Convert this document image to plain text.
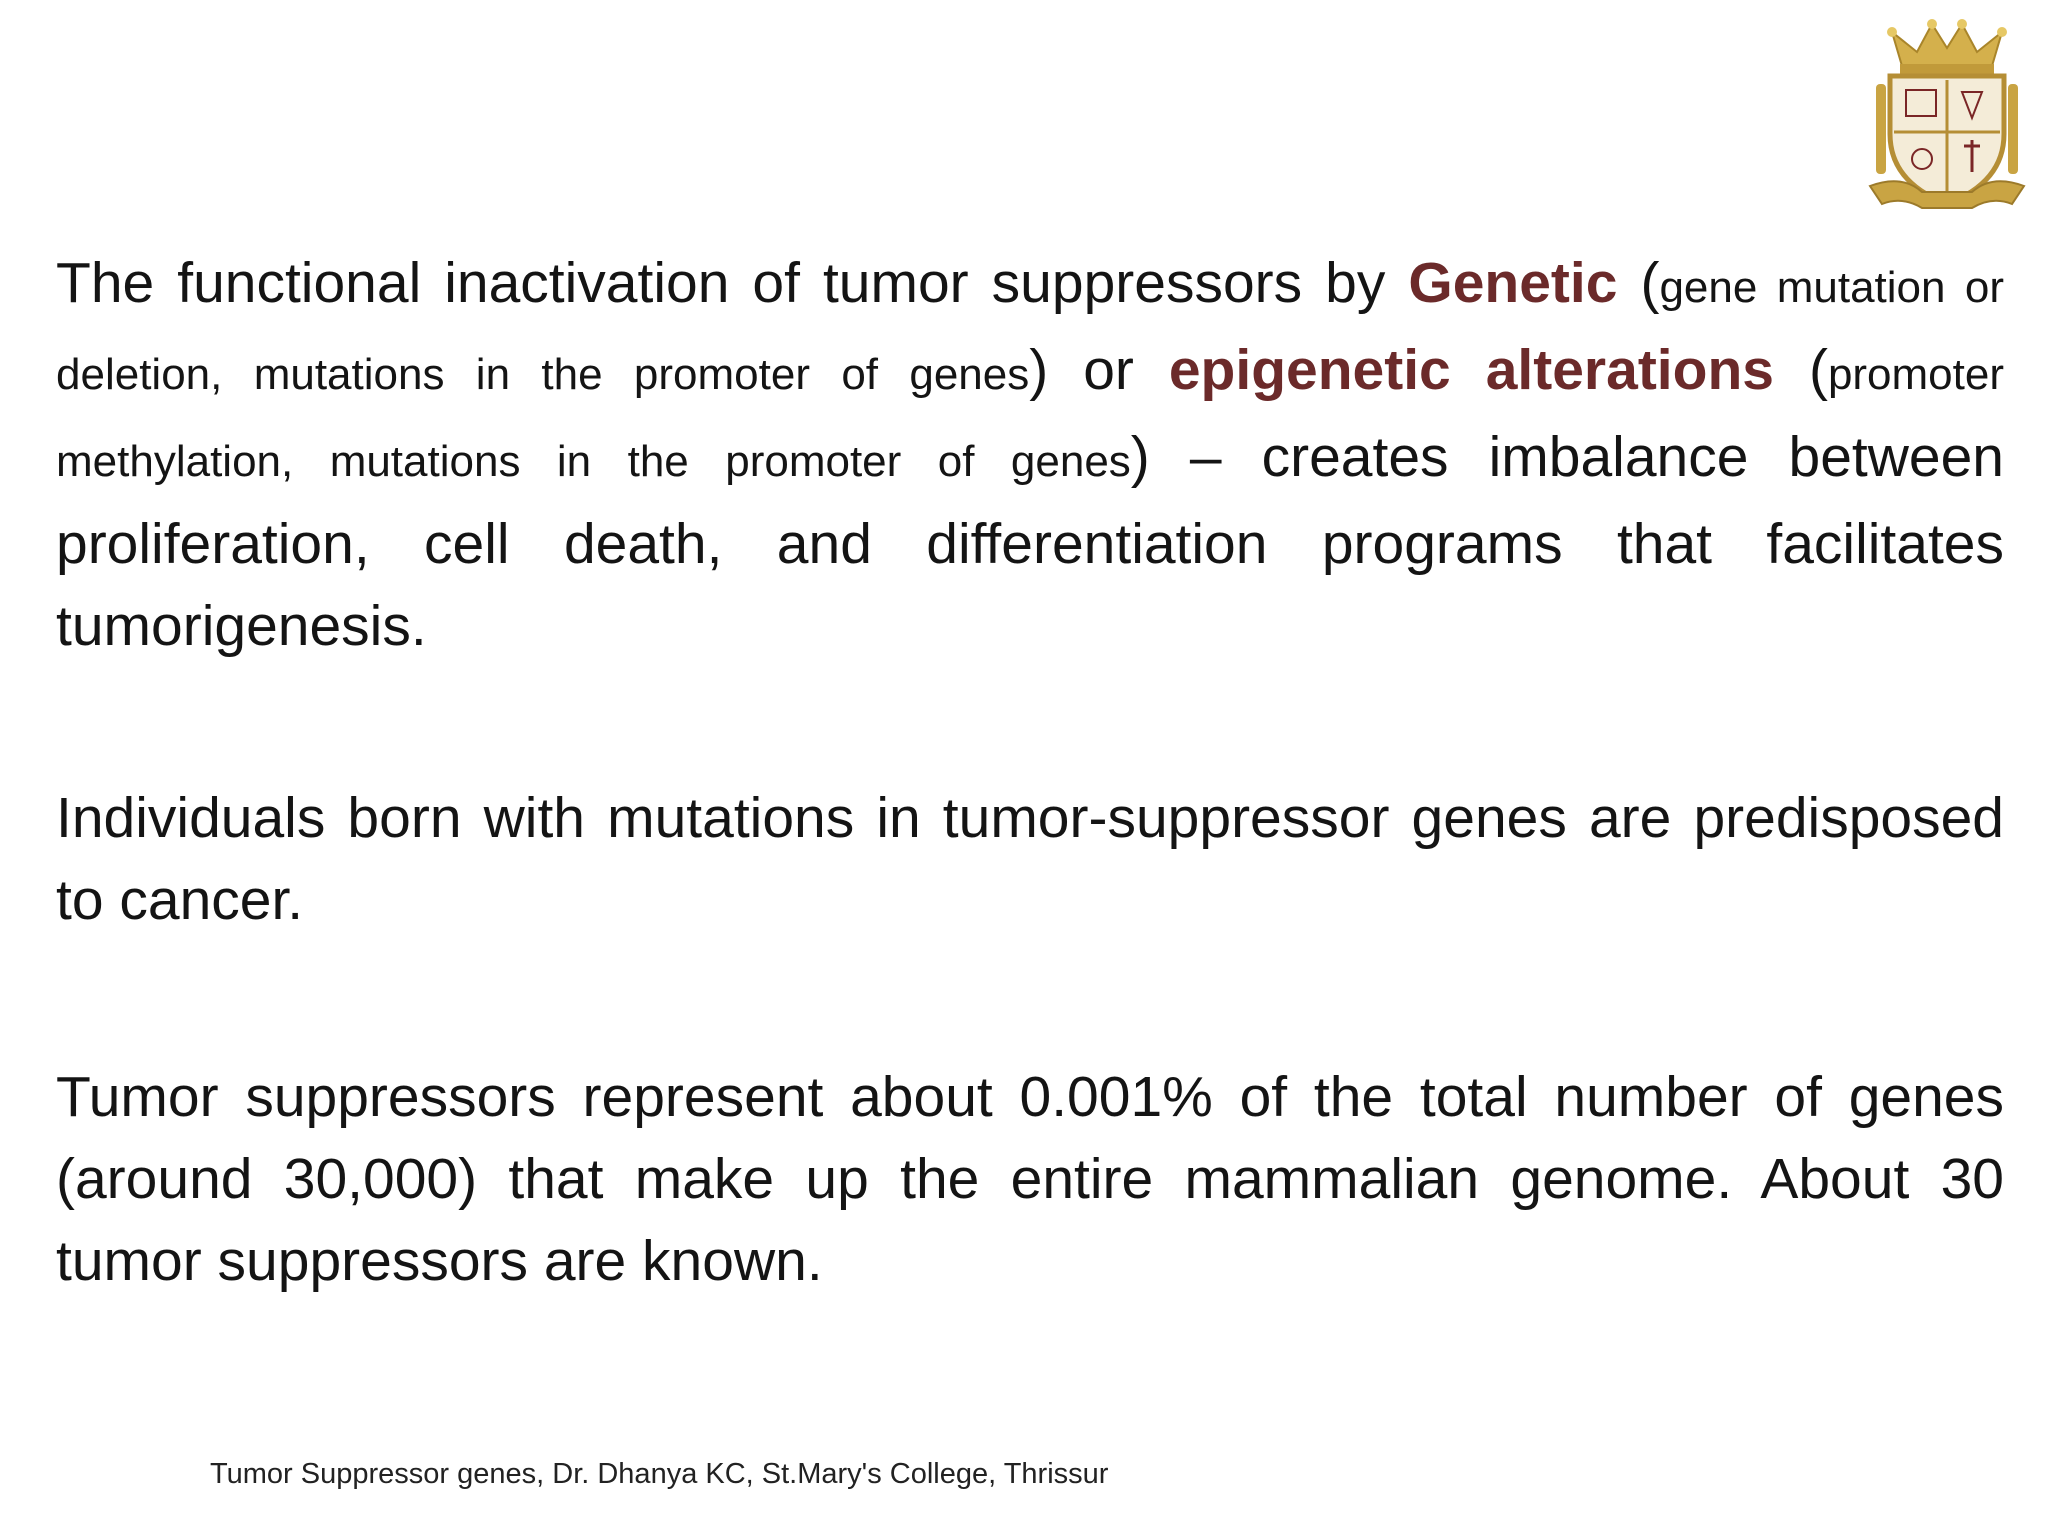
The functional inactivation of tumor suppressors by Genetic (gene mutation or deletion, mutations in the promoter of genes) or epigenetic alterations (promoter methylation, mutations in the promoter of genes) – creates imbalance between proliferation, cell death, and differentiation programs that facilitates tumorigenesis.

Individuals born with mutations in tumor-suppressor genes are predisposed to cancer.

Tumor suppressors represent about 0.001% of the total number of genes (around 30,000) that make up the entire mammalian genome. About 30 tumor suppressors are known.

Tumor Suppressor genes, Dr. Dhanya KC, St.Mary's College, Thrissur
